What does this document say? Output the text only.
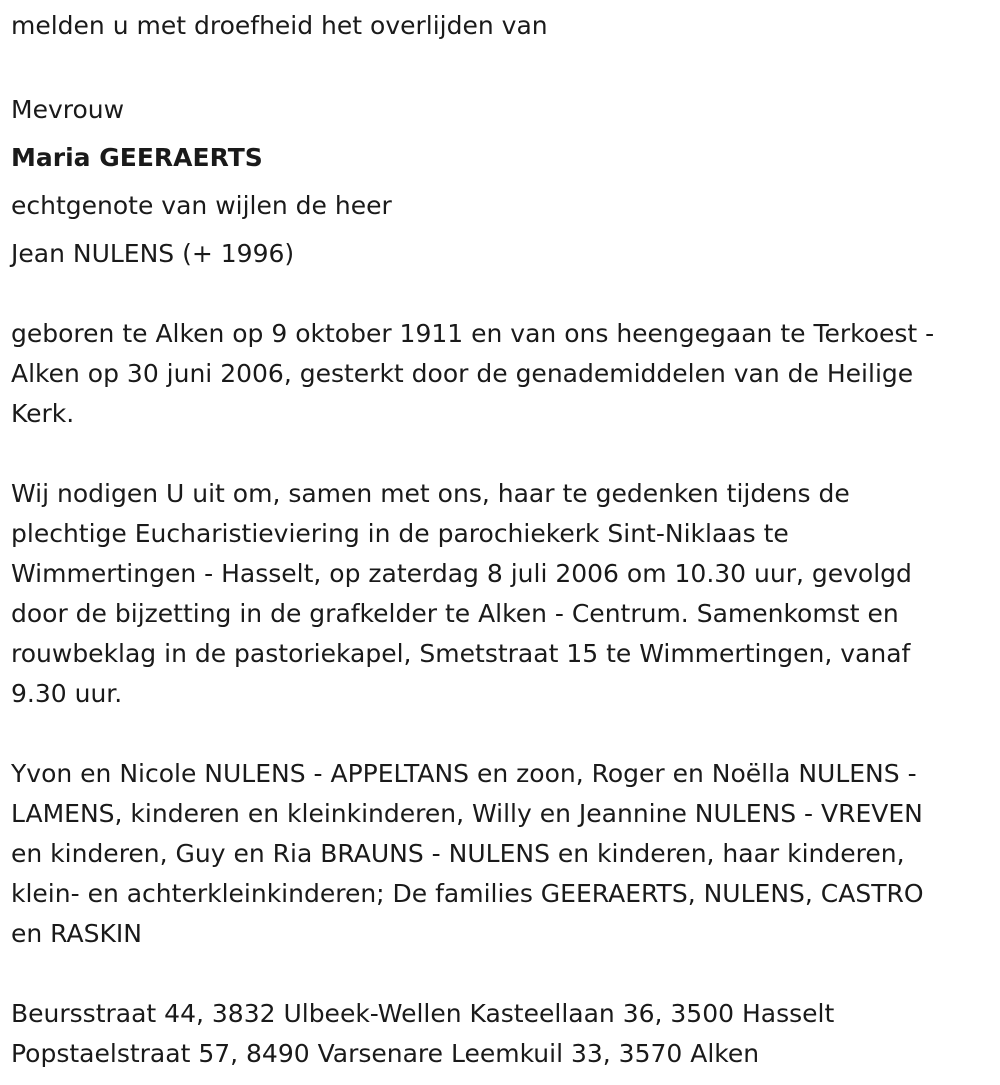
melden u met droefheid het overlijden van
Mevrouw
Maria GEERAERTS
echtgenote van wijlen de heer
Jean NULENS (+ 1996)
geboren te Alken op 9 oktober 1911 en van ons heengegaan te Terkoest -
Alken op 30 juni 2006, gesterkt door de genademiddelen van de Heilige
Kerk.
Wij nodigen U uit om, samen met ons, haar te gedenken tijdens de
plechtige Eucharistieviering in de parochiekerk Sint-Niklaas te
Wimmertingen - Hasselt, op zaterdag 8 juli 2006 om 10.30 uur, gevolgd
door de bijzetting in de grafkelder te Alken - Centrum. Samenkomst en
rouwbeklag in de pastoriekapel, Smetstraat 15 te Wimmertingen, vanaf
9.30 uur.
Yvon en Nicole NULENS - APPELTANS en zoon, Roger en Noëlla NULENS -
LAMENS, kinderen en kleinkinderen, Willy en Jeannine NULENS - VREVEN
en kinderen, Guy en Ria BRAUNS - NULENS en kinderen, haar kinderen,
klein- en achterkleinkinderen; De families GEERAERTS, NULENS, CASTRO
en RASKIN
Beursstraat 44, 3832 Ulbeek-Wellen Kasteellaan 36, 3500 Hasselt
Popstaelstraat 57, 8490 Varsenare Leemkuil 33, 3570 Alken
